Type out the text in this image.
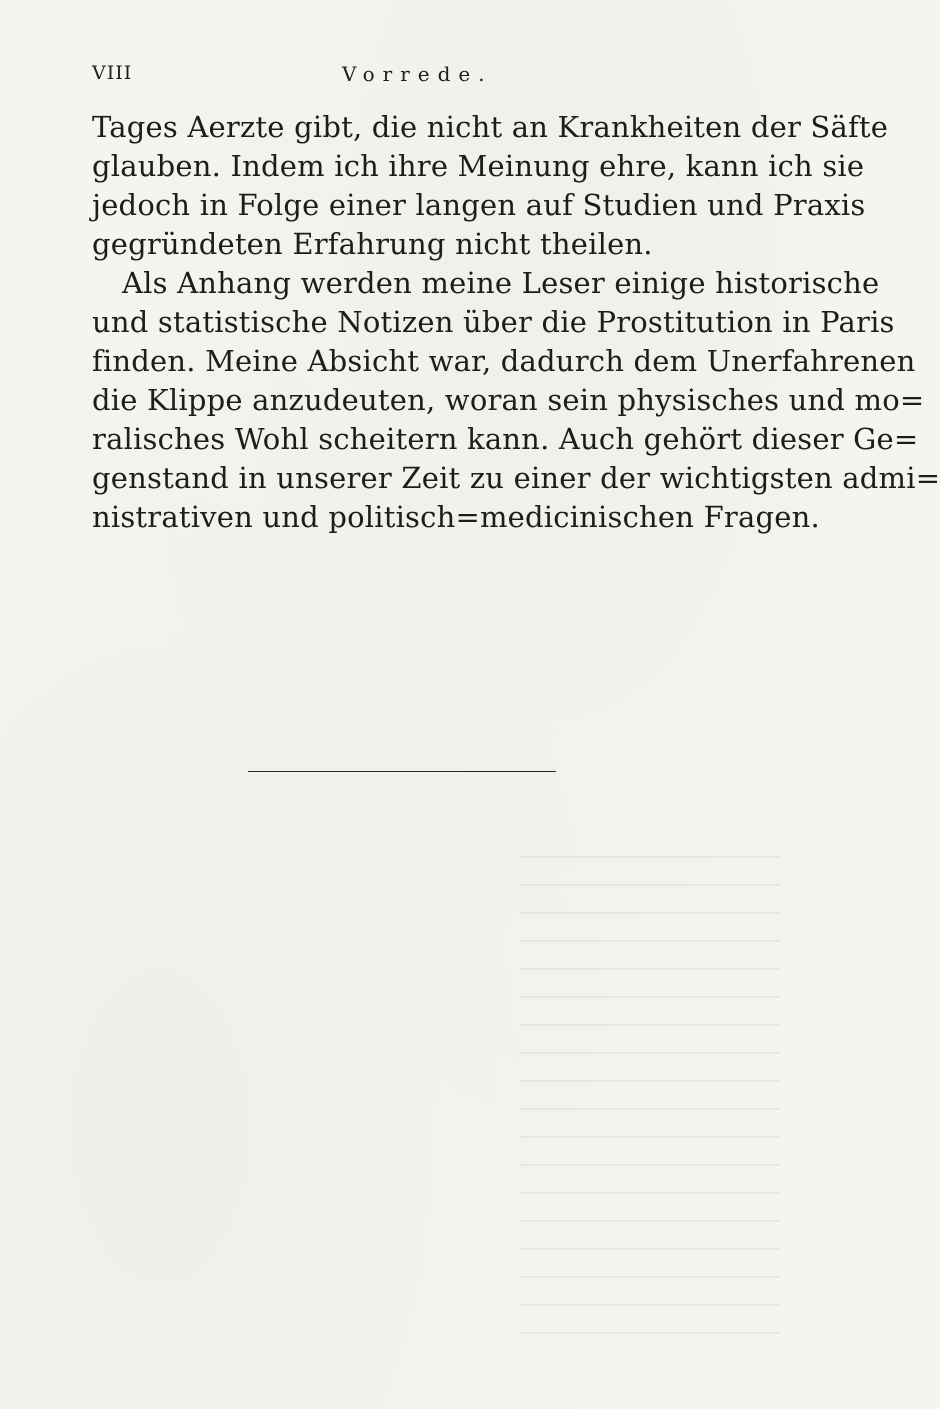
VIII	Vorrede.
Tages Aerzte gibt, die nicht an Krankheiten der Säfte
glauben. Indem ich ihre Meinung ehre, kann ich sie
jedoch in Folge einer langen auf Studien und Praxis
gegründeten Erfahrung nicht theilen.
Als Anhang werden meine Leser einige historische
und statistische Notizen über die Prostitution in Paris
finden. Meine Absicht war, dadurch dem Unerfahrenen
die Klippe anzudeuten, woran sein physisches und mo=
ralisches Wohl scheitern kann. Auch gehört dieser Ge=
genstand in unserer Zeit zu einer der wichtigsten admi=
nistrativen und politisch=medicinischen Fragen.
